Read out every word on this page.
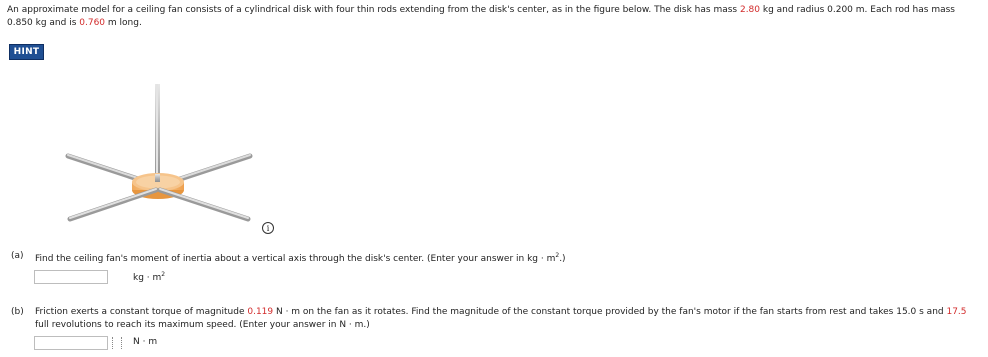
An approximate model for a ceiling fan consists of a cylindrical disk with four thin rods extending from the disk's center, as in the figure below. The disk has mass 2.80 kg and radius 0.200 m. Each rod has mass 0.850 kg and is 0.760 m long.
HINT
i
(a) Find the ceiling fan's moment of inertia about a vertical axis through the disk's center. (Enter your answer in kg · $m^2$.)
kg · $m^2$
(b) Friction exerts a constant torque of magnitude 0.119 N · m on the fan as it rotates. Find the magnitude of the constant torque provided by the fan's motor if the fan starts from rest and takes 15.0 s and 17.5 full revolutions to reach its maximum speed. (Enter your answer in N · m.)
N · m
